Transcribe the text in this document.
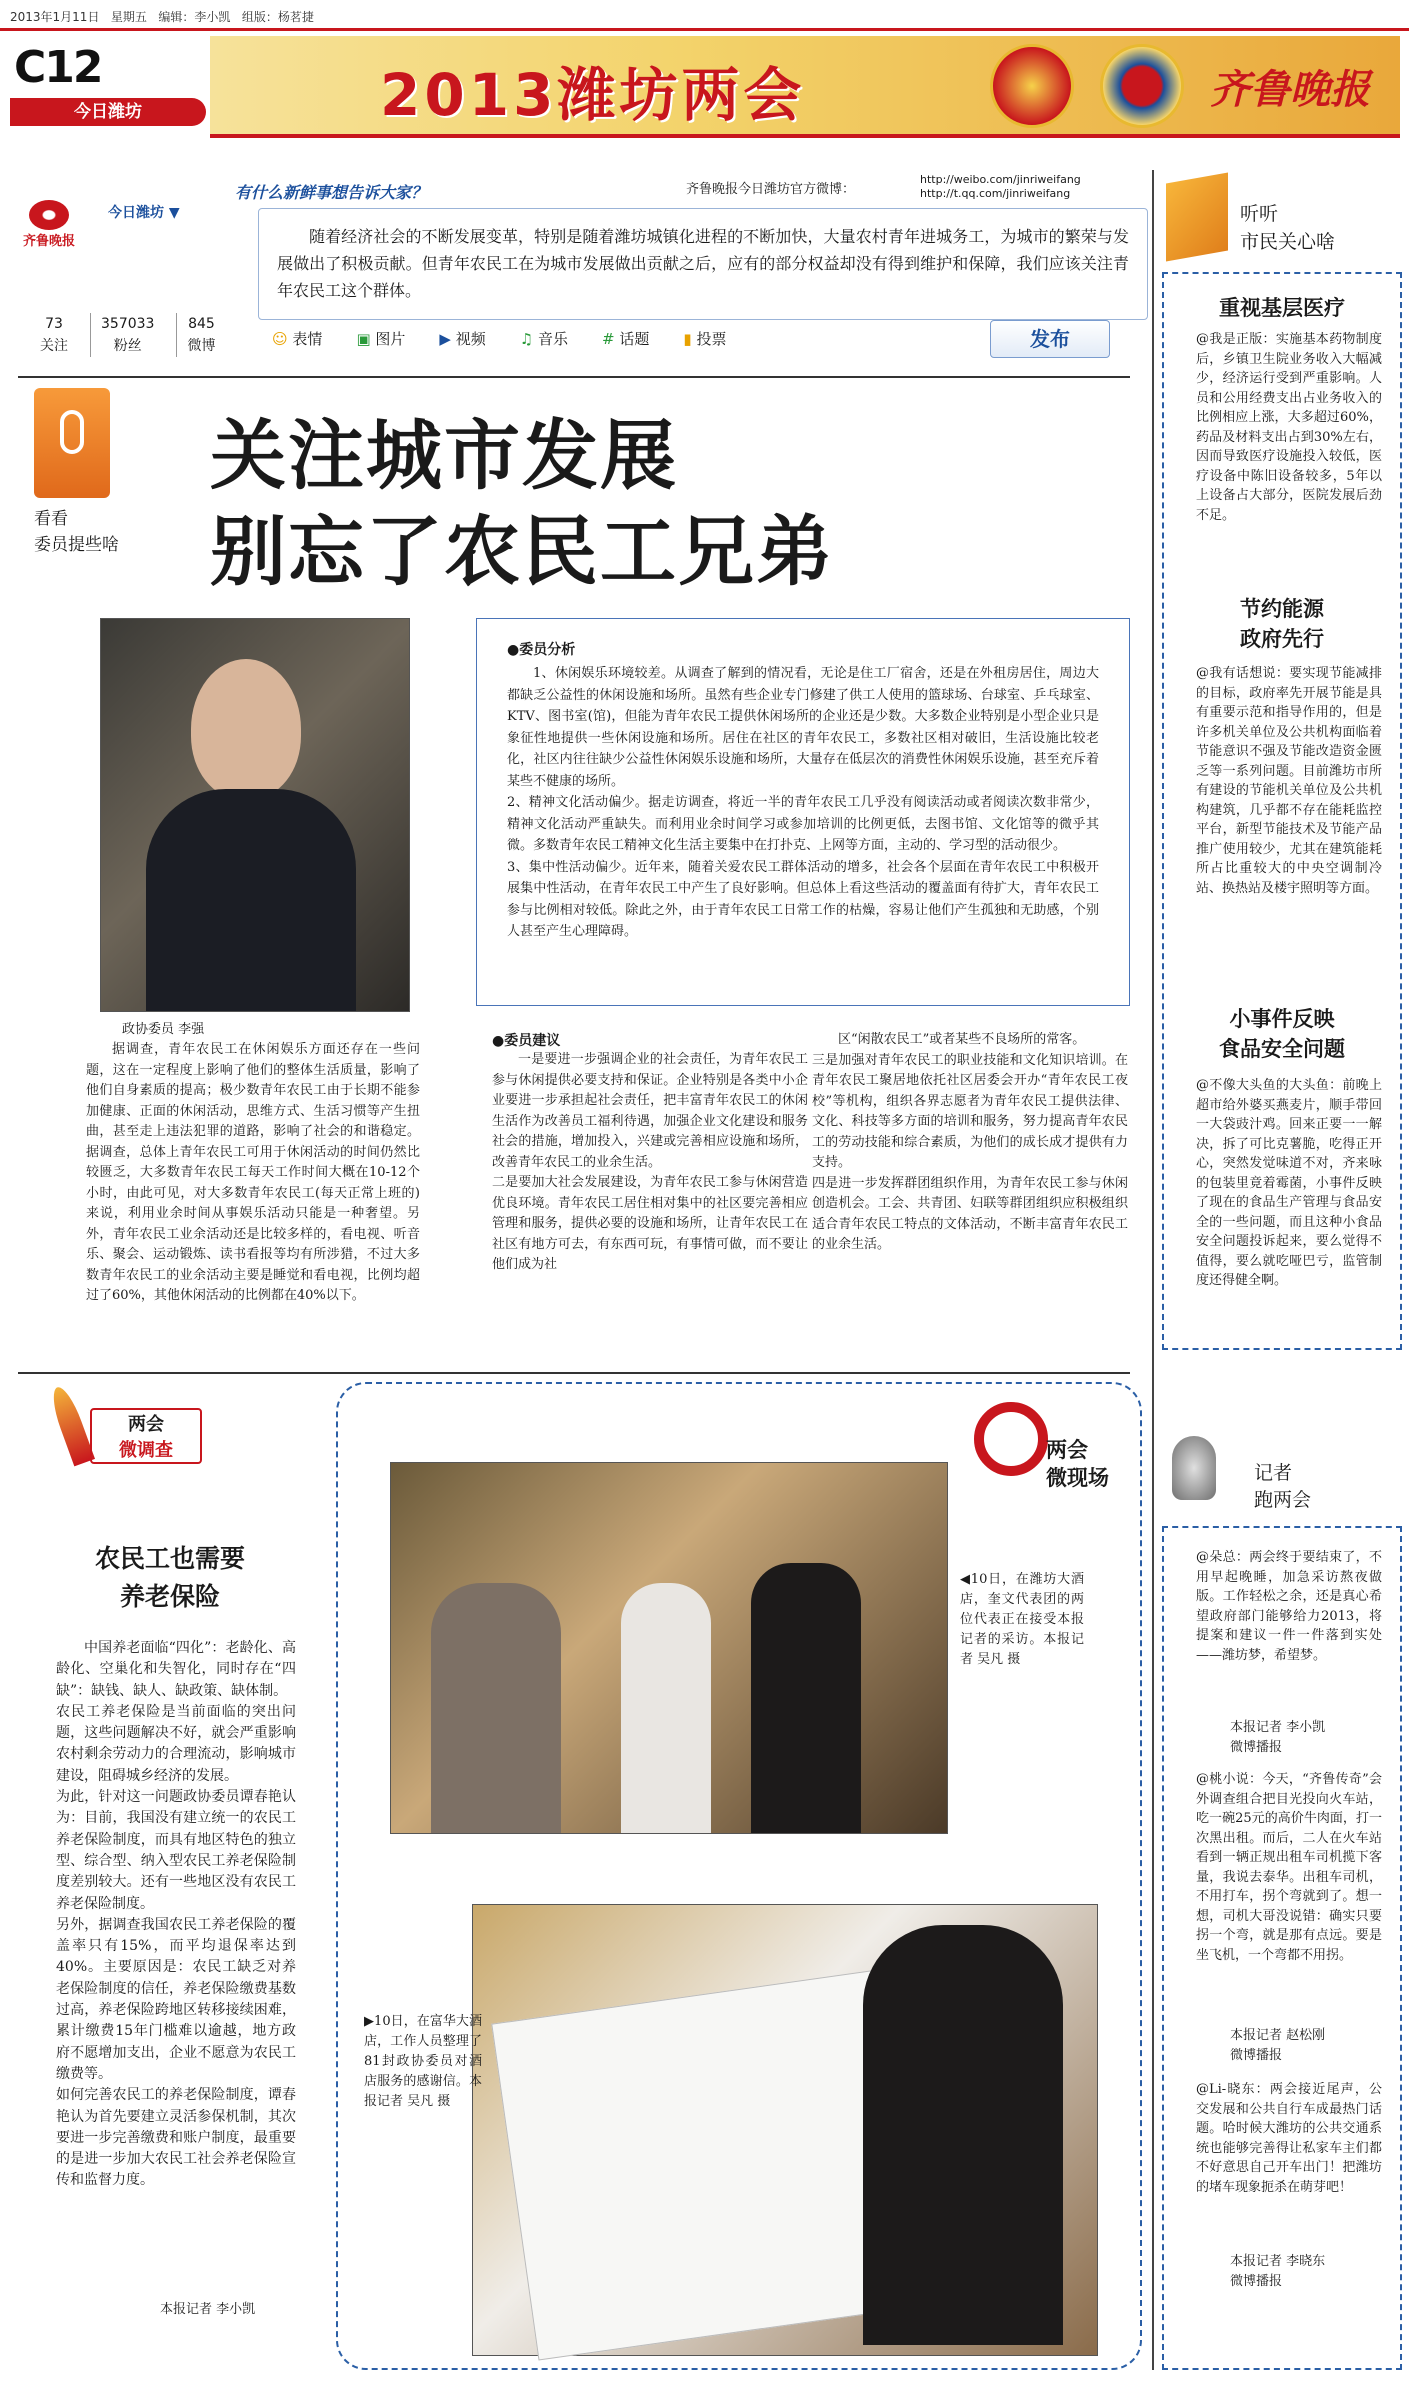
2013年1月11日 星期五 编辑：李小凯 组版：杨茗捷
C12
今日潍坊	2013潍坊两会	齐鲁晚报
齐鲁晚报
今日潍坊 ▼
有什么新鲜事想告诉大家？	齐鲁晚报今日潍坊官方微博：
http://weibo.com/jinriweifang
http://t.qq.com/jinriweifang
随着经济社会的不断发展变革，特别是随着潍坊城镇化进程的不断加快，大量农村青年进城务工，为城市的繁荣与发展做出了积极贡献。但青年农民工在为城市发展做出贡献之后，应有的部分权益却没有得到维护和保障，我们应该关注青年农民工这个群体。
73
关注
357033
粉丝
845
微博	☺ 表情 ▣ 图片 ▶ 视频 ♫ 音乐 # 话题 ▮ 投票	发布
看看
委员提些啥
关注城市发展
别忘了农民工兄弟
政协委员 李强
据调查，青年农民工在休闲娱乐方面还存在一些问题，这在一定程度上影响了他们的整体生活质量，影响了他们自身素质的提高；极少数青年农民工由于长期不能参加健康、正面的休闲活动，思维方式、生活习惯等产生扭曲，甚至走上违法犯罪的道路，影响了社会的和谐稳定。据调查，总体上青年农民工可用于休闲活动的时间仍然比较匮乏，大多数青年农民工每天工作时间大概在10-12个小时，由此可见，对大多数青年农民工(每天正常上班的)来说，利用业余时间从事娱乐活动只能是一种奢望。另外，青年农民工业余活动还是比较多样的，看电视、听音乐、聚会、运动锻炼、读书看报等均有所涉猎，不过大多数青年农民工的业余活动主要是睡觉和看电视，比例均超过了60%，其他休闲活动的比例都在40%以下。
●委员分析
1、休闲娱乐环境较差。从调查了解到的情况看，无论是住工厂宿舍，还是在外租房居住，周边大都缺乏公益性的休闲设施和场所。虽然有些企业专门修建了供工人使用的篮球场、台球室、乒乓球室、KTV、图书室(馆)，但能为青年农民工提供休闲场所的企业还是少数。大多数企业特别是小型企业只是象征性地提供一些休闲设施和场所。居住在社区的青年农民工，多数社区相对破旧，生活设施比较老化，社区内往往缺少公益性休闲娱乐设施和场所，大量存在低层次的消费性休闲娱乐设施，甚至充斥着某些不健康的场所。
2、精神文化活动偏少。据走访调查，将近一半的青年农民工几乎没有阅读活动或者阅读次数非常少，精神文化活动严重缺失。而利用业余时间学习或参加培训的比例更低，去图书馆、文化馆等的微乎其微。多数青年农民工精神文化生活主要集中在打扑克、上网等方面，主动的、学习型的活动很少。
3、集中性活动偏少。近年来，随着关爱农民工群体活动的增多，社会各个层面在青年农民工中积极开展集中性活动，在青年农民工中产生了良好影响。但总体上看这些活动的覆盖面有待扩大，青年农民工参与比例相对较低。除此之外，由于青年农民工日常工作的枯燥，容易让他们产生孤独和无助感，个别人甚至产生心理障碍。
●委员建议
一是要进一步强调企业的社会责任，为青年农民工参与休闲提供必要支持和保证。企业特别是各类中小企业要进一步承担起社会责任，把丰富青年农民工的休闲生活作为改善员工福利待遇，加强企业文化建设和服务社会的措施，增加投入，兴建或完善相应设施和场所，改善青年农民工的业余生活。
二是要加大社会发展建设，为青年农民工参与休闲营造优良环境。青年农民工居住相对集中的社区要完善相应管理和服务，提供必要的设施和场所，让青年农民工在社区有地方可去，有东西可玩，有事情可做，而不要让他们成为社
区“闲散农民工”或者某些不良场所的常客。
三是加强对青年农民工的职业技能和文化知识培训。在青年农民工聚居地依托社区居委会开办“青年农民工夜校”等机构，组织各界志愿者为青年农民工提供法律、文化、科技等多方面的培训和服务，努力提高青年农民工的劳动技能和综合素质，为他们的成长成才提供有力支持。
四是进一步发挥群团组织作用，为青年农民工参与休闲创造机会。工会、共青团、妇联等群团组织应积极组织适合青年农民工特点的文体活动，不断丰富青年农民工的业余生活。
听听
市民关心啥
重视基层医疗
@我是正版：实施基本药物制度后，乡镇卫生院业务收入大幅减少，经济运行受到严重影响。人员和公用经费支出占业务收入的比例相应上涨，大多超过60%，药品及材料支出占到30%左右，因而导致医疗设施投入较低，医疗设备中陈旧设备较多，5年以上设备占大部分，医院发展后劲不足。
节约能源
政府先行
@我有话想说：要实现节能减排的目标，政府率先开展节能是具有重要示范和指导作用的，但是许多机关单位及公共机构面临着节能意识不强及节能改造资金匮乏等一系列问题。目前潍坊市所有建设的节能机关单位及公共机构建筑，几乎都不存在能耗监控平台，新型节能技术及节能产品推广使用较少，尤其在建筑能耗所占比重较大的中央空调制冷站、换热站及楼宇照明等方面。
小事件反映
食品安全问题
@不像大头鱼的大头鱼：前晚上超市给外婆买燕麦片，顺手带回一大袋豉汁鸡。回来正要一一解决，拆了可比克薯脆，吃得正开心，突然发觉味道不对，齐来咏的包装里竟着霉菌，小事件反映了现在的食品生产管理与食品安全的一些问题，而且这种小食品安全问题投诉起来，要么觉得不值得，要么就吃哑巴亏，监管制度还得健全啊。
两会
微调查
农民工也需要
养老保险
中国养老面临“四化”：老龄化、高龄化、空巢化和失智化，同时存在“四缺”：缺钱、缺人、缺政策、缺体制。
农民工养老保险是当前面临的突出问题，这些问题解决不好，就会严重影响农村剩余劳动力的合理流动，影响城市建设，阻碍城乡经济的发展。
为此，针对这一问题政协委员谭春艳认为：目前，我国没有建立统一的农民工养老保险制度，而具有地区特色的独立型、综合型、纳入型农民工养老保险制度差别较大。还有一些地区没有农民工养老保险制度。
另外，据调查我国农民工养老保险的覆盖率只有15%，而平均退保率达到40%。主要原因是：农民工缺乏对养老保险制度的信任，养老保险缴费基数过高，养老保险跨地区转移接续困难，累计缴费15年门槛难以逾越，地方政府不愿增加支出，企业不愿意为农民工缴费等。
如何完善农民工的养老保险制度，谭春艳认为首先要建立灵活参保机制，其次要进一步完善缴费和账户制度，最重要的是进一步加大农民工社会养老保险宣传和监督力度。
本报记者 李小凯
两会
微现场
◀10日，在潍坊大酒店，奎文代表团的两位代表正在接受本报记者的采访。本报记者 吴凡 摄
▶10日，在富华大酒店，工作人员整理了81封政协委员对酒店服务的感谢信。本报记者 吴凡 摄
记者
跑两会
@朵总：两会终于要结束了，不用早起晚睡，加急采访熬夜做版。工作轻松之余，还是真心希望政府部门能够给力2013，将提案和建议一件一件落到实处——潍坊梦，希望梦。
本报记者 李小凯
微博播报
@桃小说：今天，“齐鲁传奇”会外调查组合把目光投向火车站，吃一碗25元的高价牛肉面，打一次黑出租。而后，二人在火车站看到一辆正规出租车司机揽下客量，我说去泰华。出租车司机，不用打车，拐个弯就到了。想一想，司机大哥没说错：确实只要拐一个弯，就是那有点远。要是坐飞机，一个弯都不用拐。
本报记者 赵松刚
微博播报
@Li-晓东：两会接近尾声，公交发展和公共自行车成最热门话题。哈时候大潍坊的公共交通系统也能够完善得让私家车主们都不好意思自己开车出门！把潍坊的堵车现象扼杀在萌芽吧！
本报记者 李晓东
微博播报
